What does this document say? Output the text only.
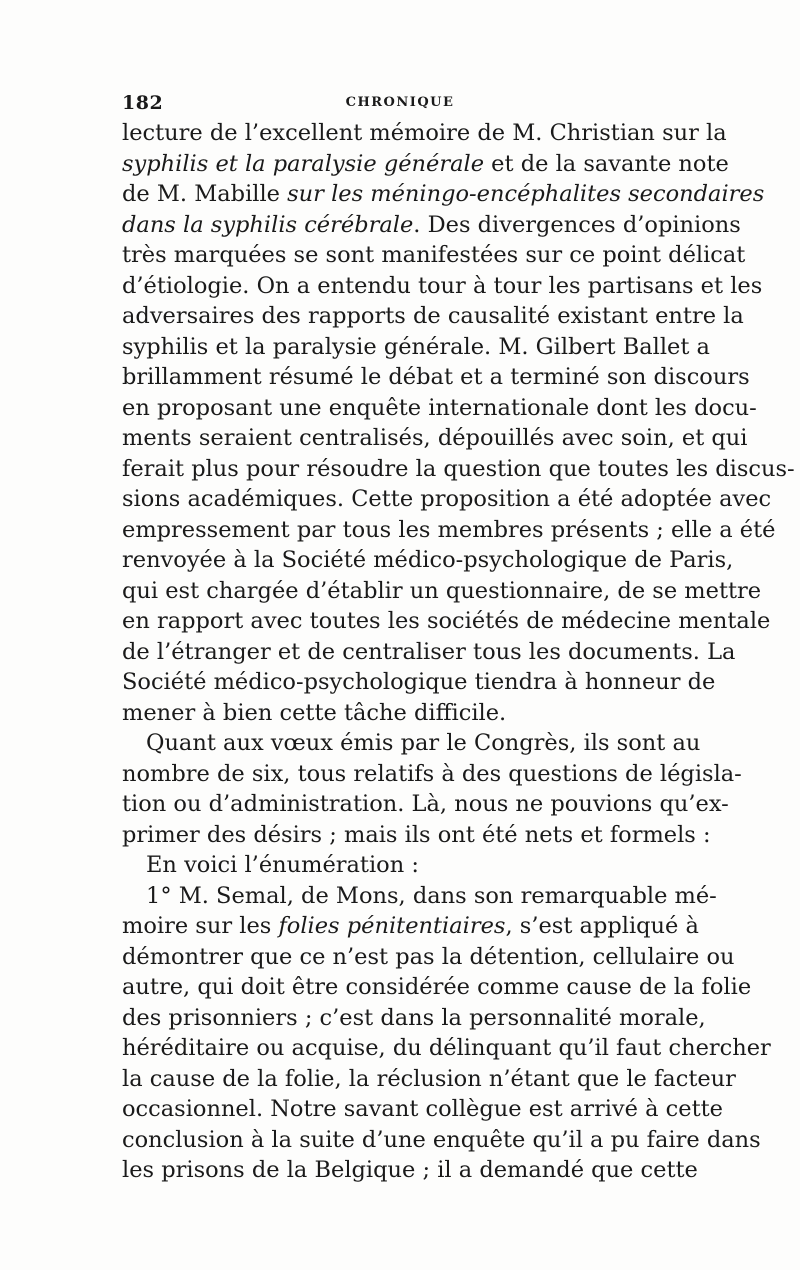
182	CHRONIQUE
lecture de l’excellent mémoire de M. Christian sur la
syphilis et la paralysie générale et de la savante note
de M. Mabille sur les méningo-encéphalites secondaires
dans la syphilis cérébrale. Des divergences d’opinions
très marquées se sont manifestées sur ce point délicat
d’étiologie. On a entendu tour à tour les partisans et les
adversaires des rapports de causalité existant entre la
syphilis et la paralysie générale. M. Gilbert Ballet a
brillamment résumé le débat et a terminé son discours
en proposant une enquête internationale dont les docu-
ments seraient centralisés, dépouillés avec soin, et qui
ferait plus pour résoudre la question que toutes les discus-
sions académiques. Cette proposition a été adoptée avec
empressement par tous les membres présents ; elle a été
renvoyée à la Société médico-psychologique de Paris,
qui est chargée d’établir un questionnaire, de se mettre
en rapport avec toutes les sociétés de médecine mentale
de l’étranger et de centraliser tous les documents. La
Société médico-psychologique tiendra à honneur de
mener à bien cette tâche difficile.
Quant aux vœux émis par le Congrès, ils sont au
nombre de six, tous relatifs à des questions de législa-
tion ou d’administration. Là, nous ne pouvions qu’ex-
primer des désirs ; mais ils ont été nets et formels :
En voici l’énumération :
1° M. Semal, de Mons, dans son remarquable mé-
moire sur les folies pénitentiaires, s’est appliqué à
démontrer que ce n’est pas la détention, cellulaire ou
autre, qui doit être considérée comme cause de la folie
des prisonniers ; c’est dans la personnalité morale,
héréditaire ou acquise, du délinquant qu’il faut chercher
la cause de la folie, la réclusion n’étant que le facteur
occasionnel. Notre savant collègue est arrivé à cette
conclusion à la suite d’une enquête qu’il a pu faire dans
les prisons de la Belgique ; il a demandé que cette
